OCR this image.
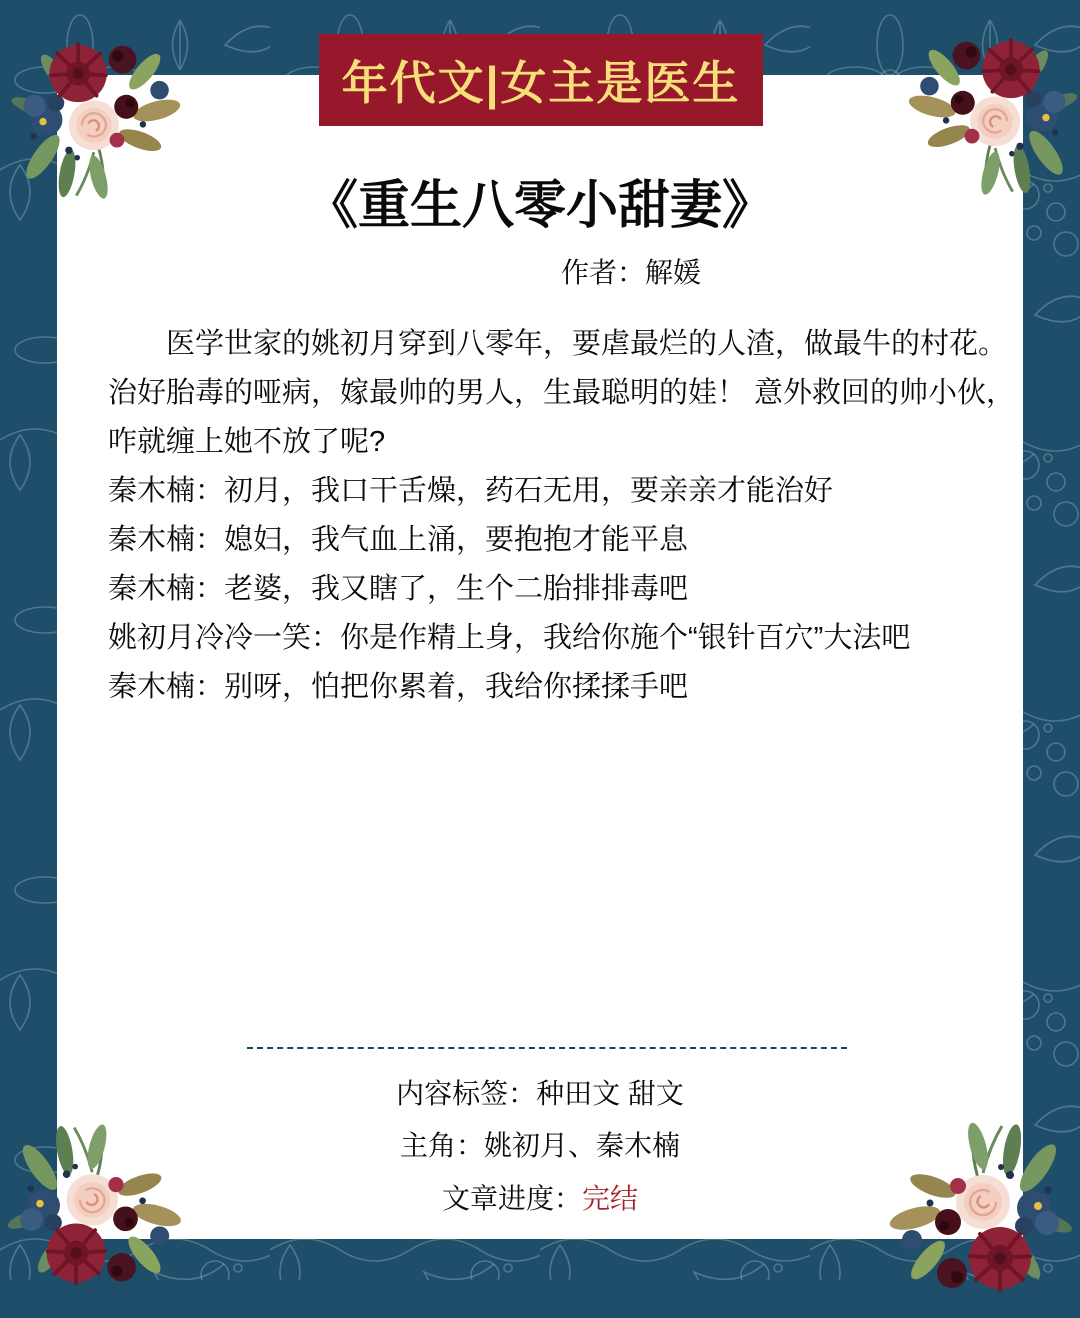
年代文|女主是医生
《重生八零小甜妻》
作者：解媛
　　医学世家的姚初月穿到八零年，要虐最烂的人渣，做最牛的村花。
治好胎毒的哑病，嫁最帅的男人，生最聪明的娃！ 意外救回的帅小伙，
咋就缠上她不放了呢?
秦木楠：初月，我口干舌燥，药石无用，要亲亲才能治好
秦木楠：媳妇，我气血上涌，要抱抱才能平息
秦木楠：老婆，我又瞎了，生个二胎排排毒吧
姚初月冷冷一笑：你是作精上身，我给你施个“银针百穴”大法吧
秦木楠：别呀，怕把你累着，我给你揉揉手吧
内容标签：种田文 甜文
主角：姚初月、秦木楠
文章进度：完结
